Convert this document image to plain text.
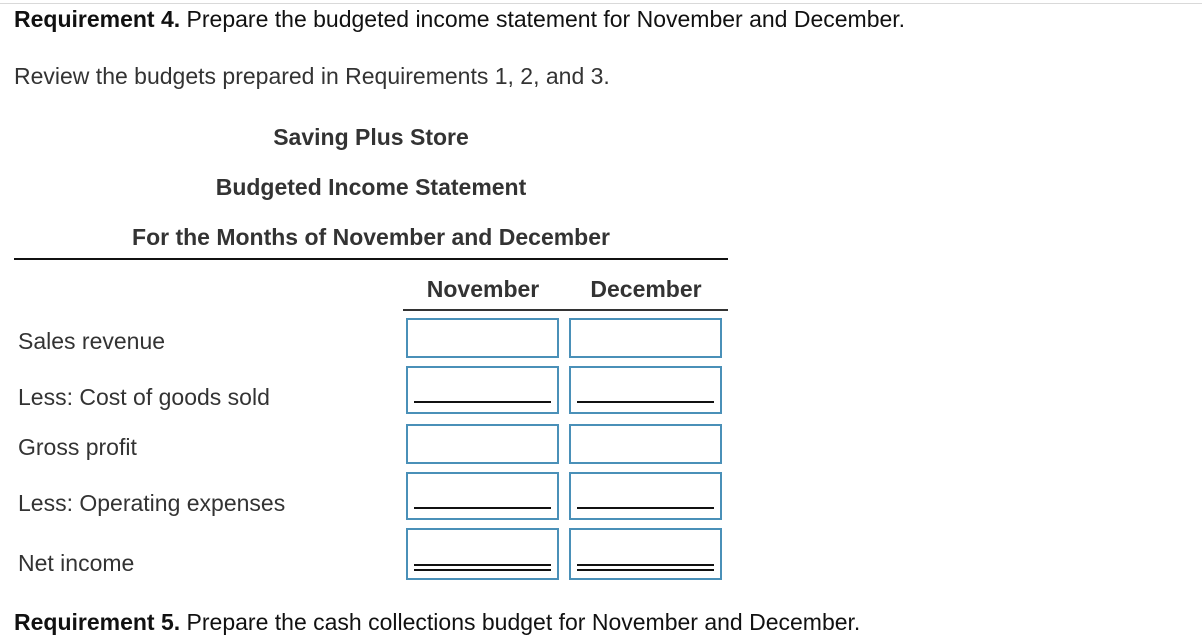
Requirement 4. Prepare the budgeted income statement for November and December.
Review the budgets prepared in Requirements 1, 2, and 3.
Saving Plus Store
Budgeted Income Statement
For the Months of November and December
November	December
Sales revenue
Less: Cost of goods sold
Gross profit
Less: Operating expenses
Net income
Requirement 5. Prepare the cash collections budget for November and December.
